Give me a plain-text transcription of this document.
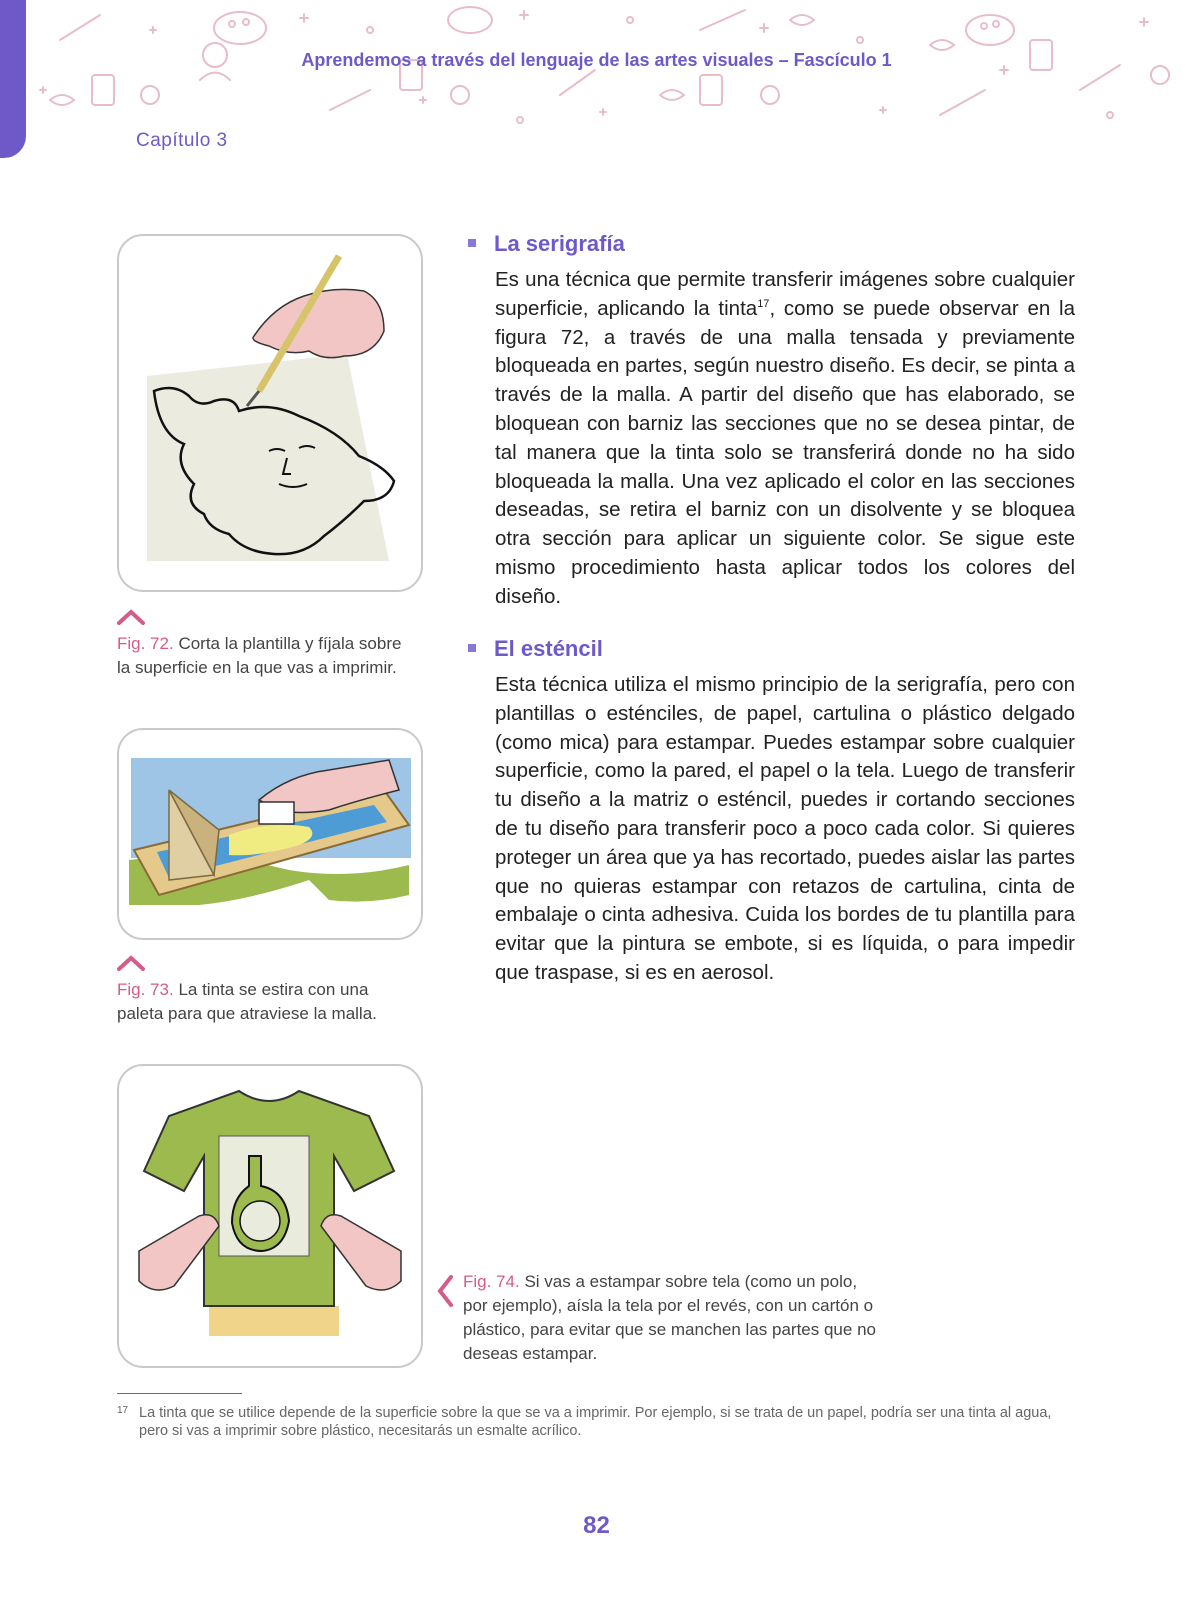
Aprendemos a través del lenguaje de las artes visuales – Fascículo 1
Capítulo 3
Fig. 72. Corta la plantilla y fíjala sobre la superficie en la que vas a imprimir.
Fig. 73. La tinta se estira con una paleta para que atraviese la malla.
Fig. 74. Si vas a estampar sobre tela (como un polo, por ejemplo), aísla la tela por el revés, con un cartón o plástico, para evitar que se manchen las partes que no deseas estampar.
La serigrafía
Es una técnica que permite transferir imágenes sobre cualquier superficie, aplicando la tinta$^{17}$, como se puede observar en la figura 72, a través de una malla tensada y previamente bloqueada en partes, según nuestro diseño. Es decir, se pinta a través de la malla. A partir del diseño que has elaborado, se bloquean con barniz las secciones que no se desea pintar, de tal manera que la tinta solo se transferirá donde no ha sido bloqueada la malla. Una vez aplicado el color en las secciones deseadas, se retira el barniz con un disolvente y se bloquea otra sección para aplicar un siguiente color. Se sigue este mismo procedimiento hasta aplicar todos los colores del diseño.
El esténcil
Esta técnica utiliza el mismo principio de la serigrafía, pero con plantillas o esténciles, de papel, cartulina o plástico delgado (como mica) para estampar. Puedes estampar sobre cualquier superficie, como la pared, el papel o la tela. Luego de transferir tu diseño a la matriz o esténcil, puedes ir cortando secciones de tu diseño para transferir poco a poco cada color. Si quieres proteger un área que ya has recortado, puedes aislar las partes que no quieras estampar con retazos de cartulina, cinta de embalaje o cinta adhesiva. Cuida los bordes de tu plantilla para evitar que la pintura se embote, si es líquida, o para impedir que traspase, si es en aerosol.
17 La tinta que se utilice depende de la superficie sobre la que se va a imprimir. Por ejemplo, si se trata de un papel, podría ser una tinta al agua, pero si vas a imprimir sobre plástico, necesitarás un esmalte acrílico.
82
